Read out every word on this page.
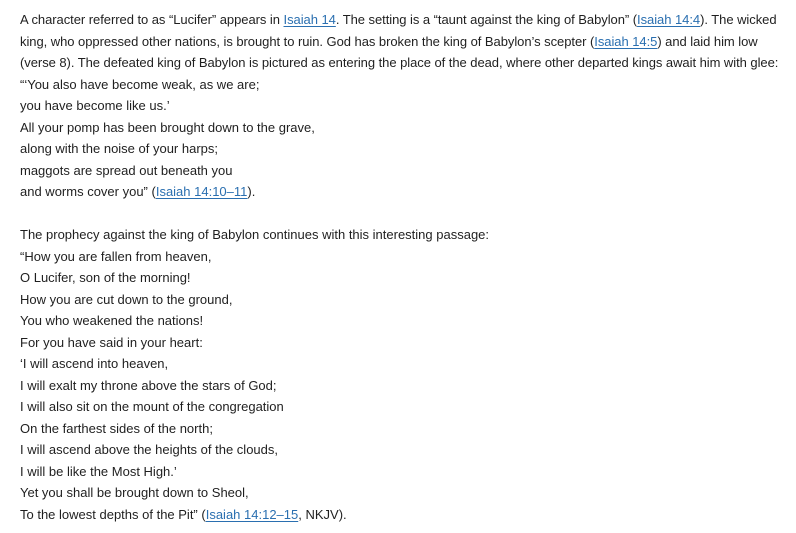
A character referred to as “Lucifer” appears in Isaiah 14. The setting is a “taunt against the king of Babylon” (Isaiah 14:4). The wicked
king, who oppressed other nations, is brought to ruin. God has broken the king of Babylon’s scepter (Isaiah 14:5) and laid him low
(verse 8). The defeated king of Babylon is pictured as entering the place of the dead, where other departed kings await him with glee:
“‘You also have become weak, as we are;
you have become like us.’
All your pomp has been brought down to the grave,
along with the noise of your harps;
maggots are spread out beneath you
and worms cover you” (Isaiah 14:10–11).
The prophecy against the king of Babylon continues with this interesting passage:
“How you are fallen from heaven,
O Lucifer, son of the morning!
How you are cut down to the ground,
You who weakened the nations!
For you have said in your heart:
‘I will ascend into heaven,
I will exalt my throne above the stars of God;
I will also sit on the mount of the congregation
On the farthest sides of the north;
I will ascend above the heights of the clouds,
I will be like the Most High.’
Yet you shall be brought down to Sheol,
To the lowest depths of the Pit” (Isaiah 14:12–15, NKJV).
